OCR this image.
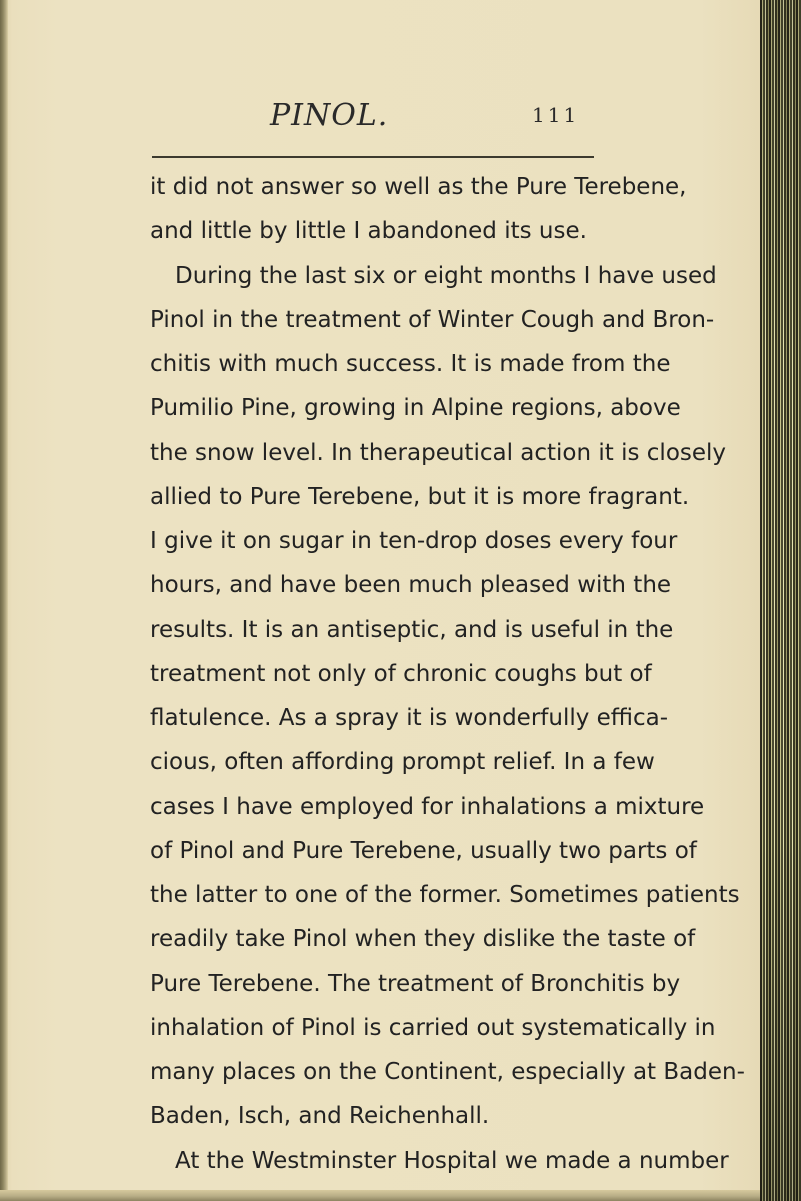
PINOL.	111
it did not answer so well as the Pure Terebene,
and little by little I abandoned its use.
During the last six or eight months I have used
Pinol in the treatment of Winter Cough and Bron-
chitis with much success. It is made from the
Pumilio Pine, growing in Alpine regions, above
the snow level. In therapeutical action it is closely
allied to Pure Terebene, but it is more fragrant.
I give it on sugar in ten-drop doses every four
hours, and have been much pleased with the
results. It is an antiseptic, and is useful in the
treatment not only of chronic coughs but of
flatulence. As a spray it is wonderfully effica-
cious, often affording prompt relief. In a few
cases I have employed for inhalations a mixture
of Pinol and Pure Terebene, usually two parts of
the latter to one of the former. Sometimes patients
readily take Pinol when they dislike the taste of
Pure Terebene. The treatment of Bronchitis by
inhalation of Pinol is carried out systematically in
many places on the Continent, especially at Baden-
Baden, Isch, and Reichenhall.
At the Westminster Hospital we made a number
